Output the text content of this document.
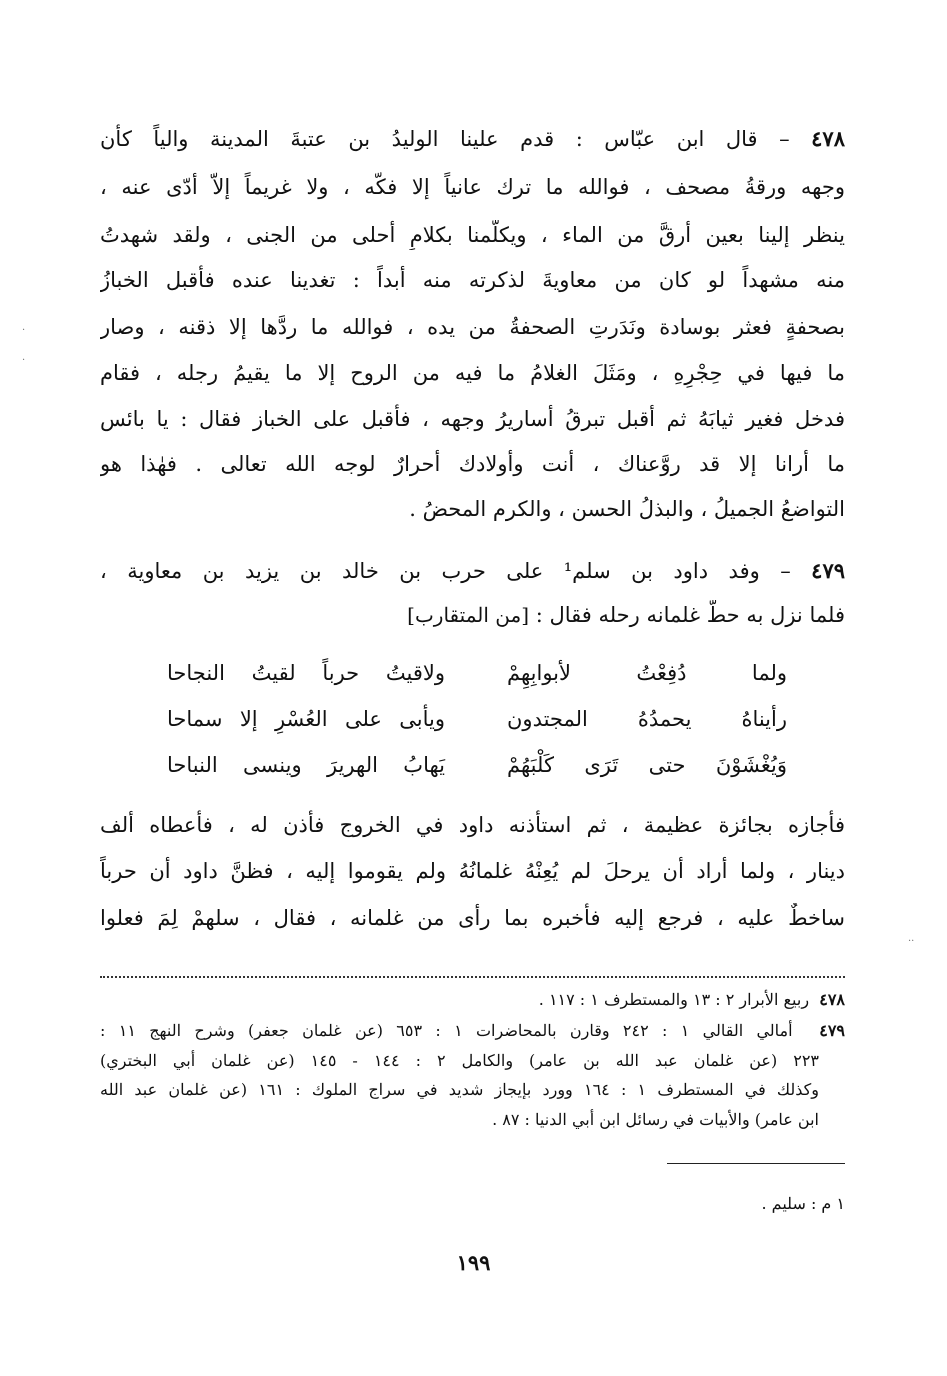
٤٧٨ – قال ابن عبّاس : قدم علينا الوليدُ بن عتبةَ المدينة والياً كأن
وجهه ورقةُ مصحف ، فوالله ما ترك عانياً إلا فكّه ، ولا غريماً إلاّ أدّى عنه ،
ينظر إلينا بعين أرقَّ من الماء ، ويكلّمنا بكلامٍ أحلى من الجنى ، ولقد شهدتُ
منه مشهداً لو كان من معاويةَ لذكرته منه أبداً : تغدينا عنده فأقبل الخبازُ
بصحفةٍ فعثر بوسادة ونَدَرتِ الصحفةُ من يده ، فوالله ما ردَّها إلا ذقنه ، وصار
ما فيها في حِجْرِهِ ، ومَثَلَ الغلامُ ما فيه من الروح إلا ما يقيمُ رجله ، فقام
فدخل فغير ثيابَهُ ثم أقبل تبرقُ أساريرُ وجهه ، فأقبل على الخباز فقال : يا بائس
ما أرانا إلا قد روَّعناك ، أنت وأولادك أحرارٌ لوجه الله تعالى . فهٰذا هو
التواضعُ الجميلُ ، والبذلُ الحسن ، والكرم المحضُ .
٤٧٩ – وفد داود بن سلم¹ على حرب بن خالد بن يزيد بن معاوية ،
فلما نزل به حطَّ غلمانه رحله فقال : [من المتقارب]
ولما دُفِعْتُ لأبوابِهِمْ
ولاقيتُ حرباً لقيتُ النجاحا
رأيناهُ يحمدُهُ المجتدون
ويأبى على العُسْرِ إلا سماحا
وَيُغْشَوْنَ حتى تَرَى كَلْبَهُمْ
يَهابُ الهريرَ وينسى النباحا
فأجازه بجائزة عظيمة ، ثم استأذنه داود في الخروج فأذن له ، فأعطاه ألف
دينار ، ولما أراد أن يرحلَ لم يُعِنْهُ غلمانُهُ ولم يقوموا إليه ، فظنَّ داود أن حرباً
ساخطٌ عليه ، فرجع إليه فأخبره بما رأى من غلمانه ، فقال ، سلهمْ لِمَ فعلوا
٤٧٨  ربيع الأبرار ٢ : ١٣ والمستطرف ١ : ١١٧ .
٤٧٩  أمالي القالي ١ : ٢٤٢ وقارن بالمحاضرات ١ : ٦٥٣ (عن غلمان جعفر) وشرح النهج ١١ :
٢٢٣ (عن غلمان عبد الله بن عامر) والكامل ٢ : ١٤٤ - ١٤٥ (عن غلمان أبي البختري)
وكذلك في المستطرف ١ : ١٦٤ وورد بإيجاز شديد في سراج الملوك : ١٦١ (عن غلمان عبد الله
ابن عامر) والأبيات في رسائل ابن أبي الدنيا : ٨٧ .
١ م : سليم .
١٩٩
·
·
··
